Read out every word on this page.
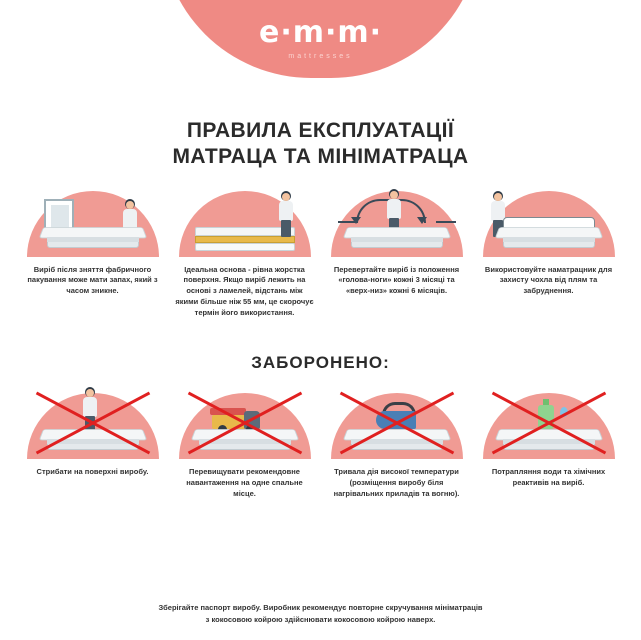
e·m·m·
mattresses
ПРАВИЛА ЕКСПЛУАТАЦІЇ
МАТРАЦА ТА МІНІМАТРАЦА
Виріб після зняття фабричного пакування може мати запах, який з часом зникне.
Ідеальна основа - рівна жорстка поверхня. Якщо виріб лежить на основі з ламелей, відстань між якими більше ніж 55 мм, це скорочує термін його використання.
Перевертайте виріб із положення «голова-ноги» кожні 3 місяці та «верх-низ» кожні 6 місяців.
Використовуйте наматрацник для захисту чохла від плям та забруднення.
ЗАБОРОНЕНО:
Стрибати на поверхні виробу.	Перевищувати рекомендовне навантаження на одне спальне місце.
Тривала дія високої температури (розміщення виробу біля нагрівальних приладів та вогню).
Потрапляння води та хімічних реактивів на виріб.
Зберігайте паспорт виробу. Виробник рекомендує повторне скручування мініматраців
з кокосовою койрою здійснювати кокосовою койрою наверх.
